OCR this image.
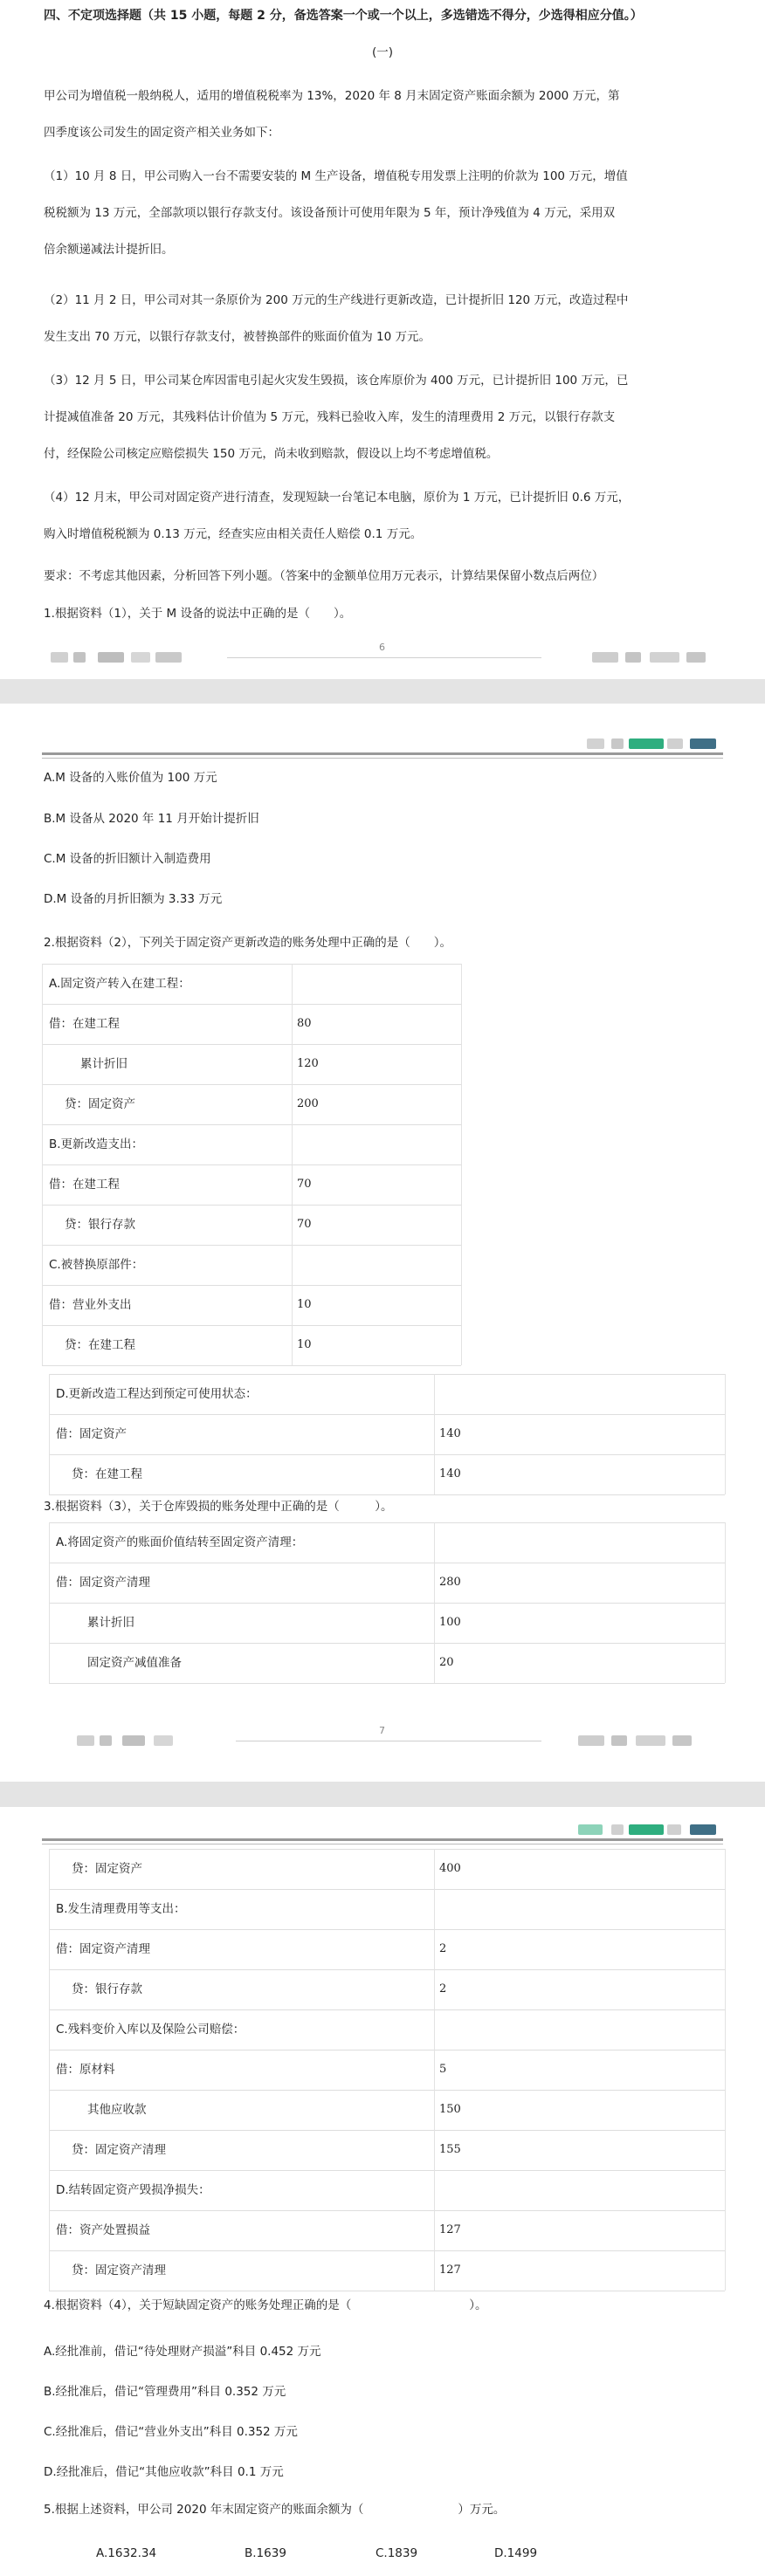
四、不定项选择题（共 15 小题，每题 2 分，备选答案一个或一个以上，多选错选不得分，少选得相应分值。）
(一)
甲公司为增值税一般纳税人，适用的增值税税率为 13%，2020 年 8 月末固定资产账面余额为 2000 万元，第
四季度该公司发生的固定资产相关业务如下：
（1）10 月 8 日，甲公司购入一台不需要安装的 M 生产设备，增值税专用发票上注明的价款为 100 万元，增值
税税额为 13 万元，全部款项以银行存款支付。该设备预计可使用年限为 5 年，预计净残值为 4 万元，采用双
倍余额递减法计提折旧。
（2）11 月 2 日，甲公司对其一条原价为 200 万元的生产线进行更新改造，已计提折旧 120 万元，改造过程中
发生支出 70 万元，以银行存款支付，被替换部件的账面价值为 10 万元。
（3）12 月 5 日，甲公司某仓库因雷电引起火灾发生毁损，该仓库原价为 400 万元，已计提折旧 100 万元，已
计提减值准备 20 万元，其残料估计价值为 5 万元，残料已验收入库，发生的清理费用 2 万元，以银行存款支
付，经保险公司核定应赔偿损失 150 万元，尚未收到赔款，假设以上均不考虑增值税。
（4）12 月末，甲公司对固定资产进行清查，发现短缺一台笔记本电脑，原价为 1 万元，已计提折旧 0.6 万元，
购入时增值税税额为 0.13 万元，经查实应由相关责任人赔偿 0.1 万元。
要求：不考虑其他因素，分析回答下列小题。（答案中的金额单位用万元表示，计算结果保留小数点后两位）
1.根据资料（1），关于 M 设备的说法中正确的是（　　）。
6
A.M 设备的入账价值为 100 万元
B.M 设备从 2020 年 11 月开始计提折旧
C.M 设备的折旧额计入制造费用
D.M 设备的月折旧额为 3.33 万元
2.根据资料（2），下列关于固定资产更新改造的账务处理中正确的是（　　）。
A.固定资产转入在建工程：
借：在建工程	80
累计折旧	120
贷：固定资产	200
B.更新改造支出：
借：在建工程	70
贷：银行存款	70
C.被替换原部件：
借：营业外支出	10
贷：在建工程	10
D.更新改造工程达到预定可使用状态：
借：固定资产	140
贷：在建工程	140
3.根据资料（3），关于仓库毁损的账务处理中正确的是（　　　）。
A.将固定资产的账面价值结转至固定资产清理：
借：固定资产清理	280
累计折旧	100
固定资产减值准备	20
7
贷：固定资产	400
B.发生清理费用等支出：
借：固定资产清理	2
贷：银行存款	2
C.残料变价入库以及保险公司赔偿：
借：原材料	5
其他应收款	150
贷：固定资产清理	155
D.结转固定资产毁损净损失：
借：资产处置损益	127
贷：固定资产清理	127
4.根据资料（4），关于短缺固定资产的账务处理正确的是（　　　　　　　　　　）。
A.经批准前，借记“待处理财产损溢”科目 0.452 万元
B.经批准后，借记“管理费用”科目 0.352 万元
C.经批准后，借记“营业外支出”科目 0.352 万元
D.经批准后，借记“其他应收款”科目 0.1 万元
5.根据上述资料，甲公司 2020 年末固定资产的账面余额为（　　　　　　　　）万元。
A.1632.34	B.1639	C.1839	D.1499
